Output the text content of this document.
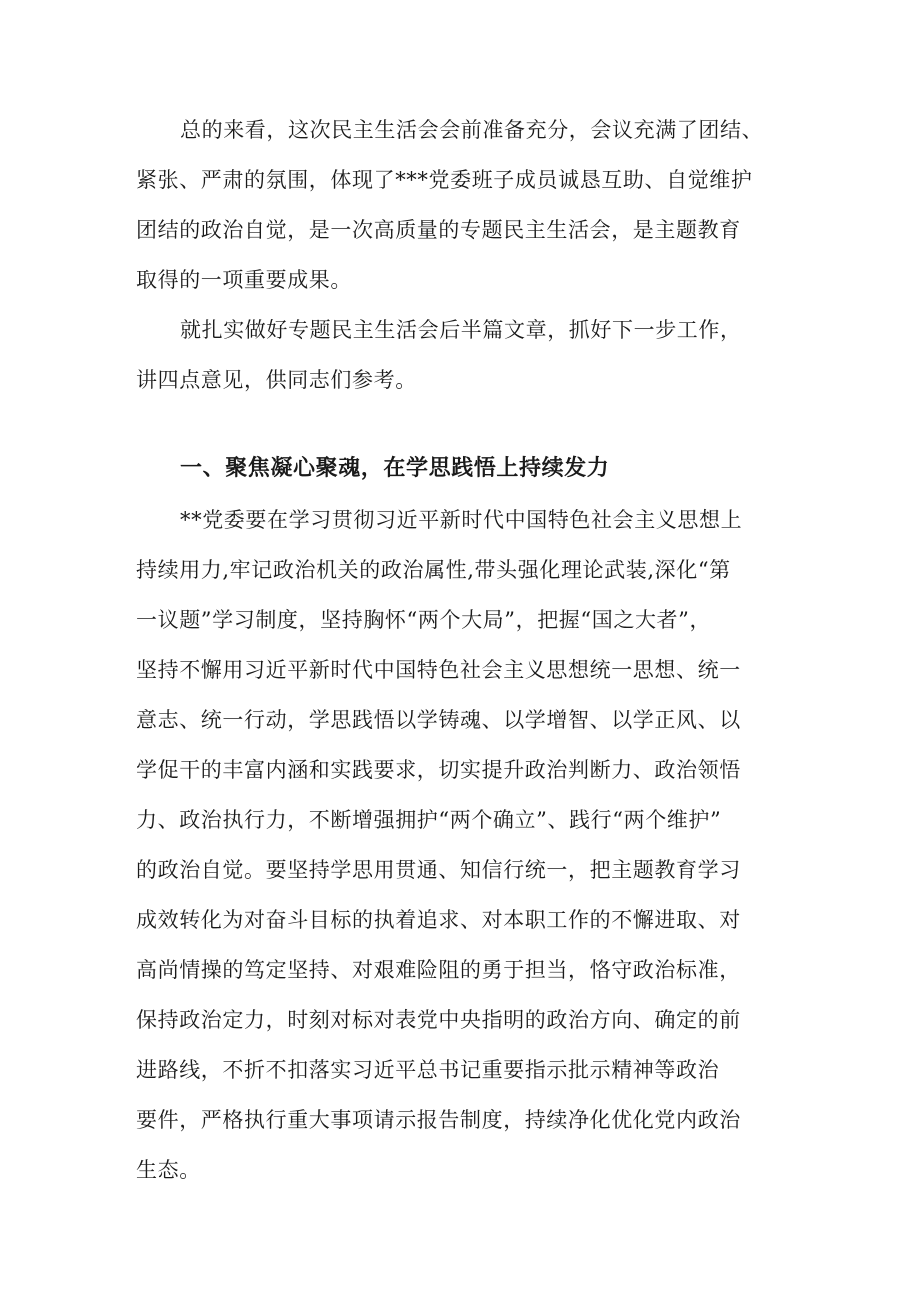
总的来看，这次民主生活会会前准备充分，会议充满了团结、
紧张、严肃的氛围，体现了***党委班子成员诚恳互助、自觉维护
团结的政治自觉，是一次高质量的专题民主生活会，是主题教育
取得的一项重要成果。
就扎实做好专题民主生活会后半篇文章，抓好下一步工作，
讲四点意见，供同志们参考。
一、聚焦凝心聚魂，在学思践悟上持续发力
**党委要在学习贯彻习近平新时代中国特色社会主义思想上
持续用力,牢记政治机关的政治属性,带头强化理论武装,深化“第
一议题”学习制度，坚持胸怀“两个大局”，把握“国之大者”，
坚持不懈用习近平新时代中国特色社会主义思想统一思想、统一
意志、统一行动，学思践悟以学铸魂、以学增智、以学正风、以
学促干的丰富内涵和实践要求，切实提升政治判断力、政治领悟
力、政治执行力，不断增强拥护“两个确立”、践行“两个维护”
的政治自觉。要坚持学思用贯通、知信行统一，把主题教育学习
成效转化为对奋斗目标的执着追求、对本职工作的不懈进取、对
高尚情操的笃定坚持、对艰难险阻的勇于担当，恪守政治标准，
保持政治定力，时刻对标对表党中央指明的政治方向、确定的前
进路线，不折不扣落实习近平总书记重要指示批示精神等政治
要件，严格执行重大事项请示报告制度，持续净化优化党内政治
生态。
